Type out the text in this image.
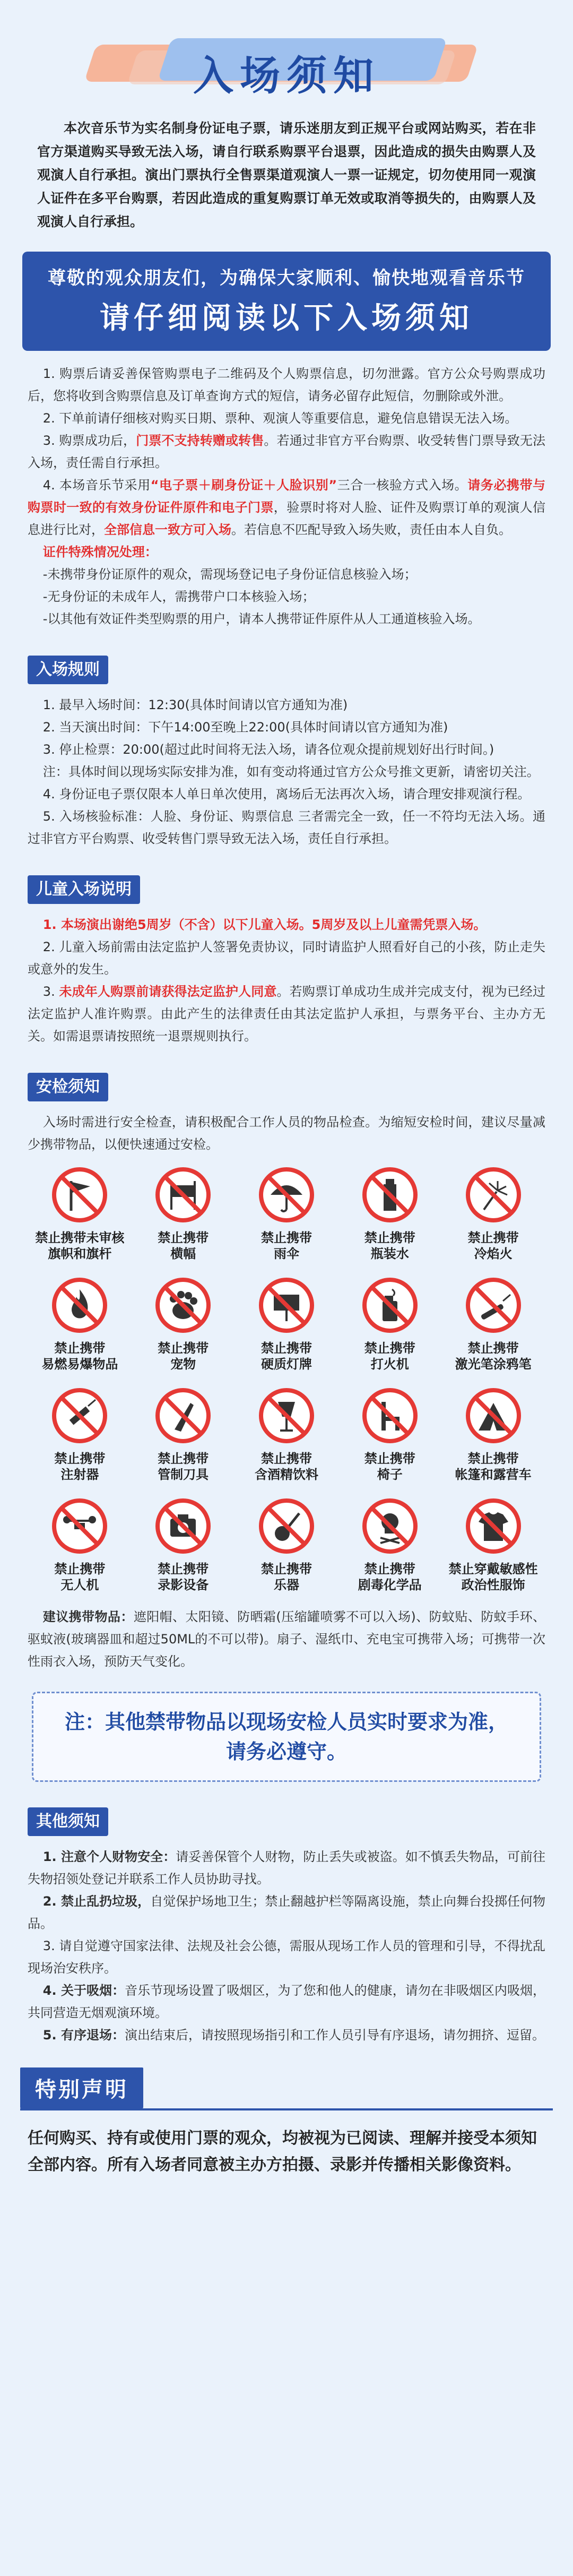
入场须知

本次音乐节为实名制身份证电子票，请乐迷朋友到正规平台或网站购买，若在非官方渠道购买导致无法入场，请自行联系购票平台退票，因此造成的损失由购票人及观演人自行承担。演出门票执行全售票渠道观演人一票一证规定，切勿使用同一观演人证件在多平台购票，若因此造成的重复购票订单无效或取消等损失的，由购票人及观演人自行承担。

尊敬的观众朋友们，为确保大家顺利、愉快地观看音乐节
请仔细阅读以下入场须知

1. 购票后请妥善保管购票电子二维码及个人购票信息，切勿泄露。官方公众号购票成功后，您将收到含购票信息及订单查询方式的短信，请务必留存此短信，勿删除或外泄。

2. 下单前请仔细核对购买日期、票种、观演人等重要信息，避免信息错误无法入场。

3. 购票成功后，门票不支持转赠或转售。若通过非官方平台购票、收受转售门票导致无法入场，责任需自行承担。

4. 本场音乐节采用“电子票＋刷身份证＋人脸识别”三合一核验方式入场。请务必携带与购票时一致的有效身份证件原件和电子门票，验票时将对人脸、证件及购票订单的观演人信息进行比对，全部信息一致方可入场。若信息不匹配导致入场失败，责任由本人自负。

证件特殊情况处理：

-未携带身份证原件的观众，需现场登记电子身份证信息核验入场；

-无身份证的未成年人，需携带户口本核验入场；

-以其他有效证件类型购票的用户，请本人携带证件原件从人工通道核验入场。

入场规则

1. 最早入场时间：12:30(具体时间请以官方通知为准)

2. 当天演出时间：下午14:00至晚上22:00(具体时间请以官方通知为准)

3. 停止检票：20:00(超过此时间将无法入场，请各位观众提前规划好出行时间。)

注：具体时间以现场实际安排为准，如有变动将通过官方公众号推文更新，请密切关注。

4. 身份证电子票仅限本人单日单次使用，离场后无法再次入场，请合理安排观演行程。

5. 入场核验标准：人脸、身份证、购票信息 三者需完全一致，任一不符均无法入场。通过非官方平台购票、收受转售门票导致无法入场，责任自行承担。

儿童入场说明

1. 本场演出谢绝5周岁（不含）以下儿童入场。5周岁及以上儿童需凭票入场。

2. 儿童入场前需由法定监护人签署免责协议，同时请监护人照看好自己的小孩，防止走失或意外的发生。

3. 未成年人购票前请获得法定监护人同意。若购票订单成功生成并完成支付，视为已经过法定监护人准许购票。由此产生的法律责任由其法定监护人承担，与票务平台、主办方无关。如需退票请按照统一退票规则执行。

安检须知

入场时需进行安全检查，请积极配合工作人员的物品检查。为缩短安检时间，建议尽量减少携带物品，以便快速通过安检。

禁止携带未审核
旗帜和旗杆
禁止携带
横幅
禁止携带
雨伞
禁止携带
瓶装水
禁止携带
冷焰火
禁止携带
易燃易爆物品
禁止携带
宠物
禁止携带
硬质灯牌
禁止携带
打火机
禁止携带
激光笔涂鸦笔
禁止携带
注射器
禁止携带
管制刀具
禁止携带
含酒精饮料
禁止携带
椅子
禁止携带
帐篷和露营车
禁止携带
无人机
禁止携带
录影设备
禁止携带
乐器
禁止携带
剧毒化学品
禁止穿戴敏感性
政治性服饰

建议携带物品：遮阳帽、太阳镜、防晒霜(压缩罐喷雾不可以入场)、防蚊贴、防蚊手环、驱蚊液(玻璃器皿和超过50ML的不可以带)。扇子、湿纸巾、充电宝可携带入场；可携带一次性雨衣入场，预防天气变化。

注：其他禁带物品以现场安检人员实时要求为准，
请务必遵守。
其他须知

1. 注意个人财物安全：请妥善保管个人财物，防止丢失或被盗。如不慎丢失物品，可前往失物招领处登记并联系工作人员协助寻找。

2. 禁止乱扔垃圾，自觉保护场地卫生；禁止翻越护栏等隔离设施，禁止向舞台投掷任何物品。

3. 请自觉遵守国家法律、法规及社会公德，需服从现场工作人员的管理和引导，不得扰乱现场治安秩序。

4. 关于吸烟：音乐节现场设置了吸烟区，为了您和他人的健康，请勿在非吸烟区内吸烟，共同营造无烟观演环境。

5. 有序退场：演出结束后，请按照现场指引和工作人员引导有序退场，请勿拥挤、逗留。

特别声明
任何购买、持有或使用门票的观众，均被视为已阅读、理解并接受本须知全部内容。所有入场者同意被主办方拍摄、录影并传播相关影像资料。
